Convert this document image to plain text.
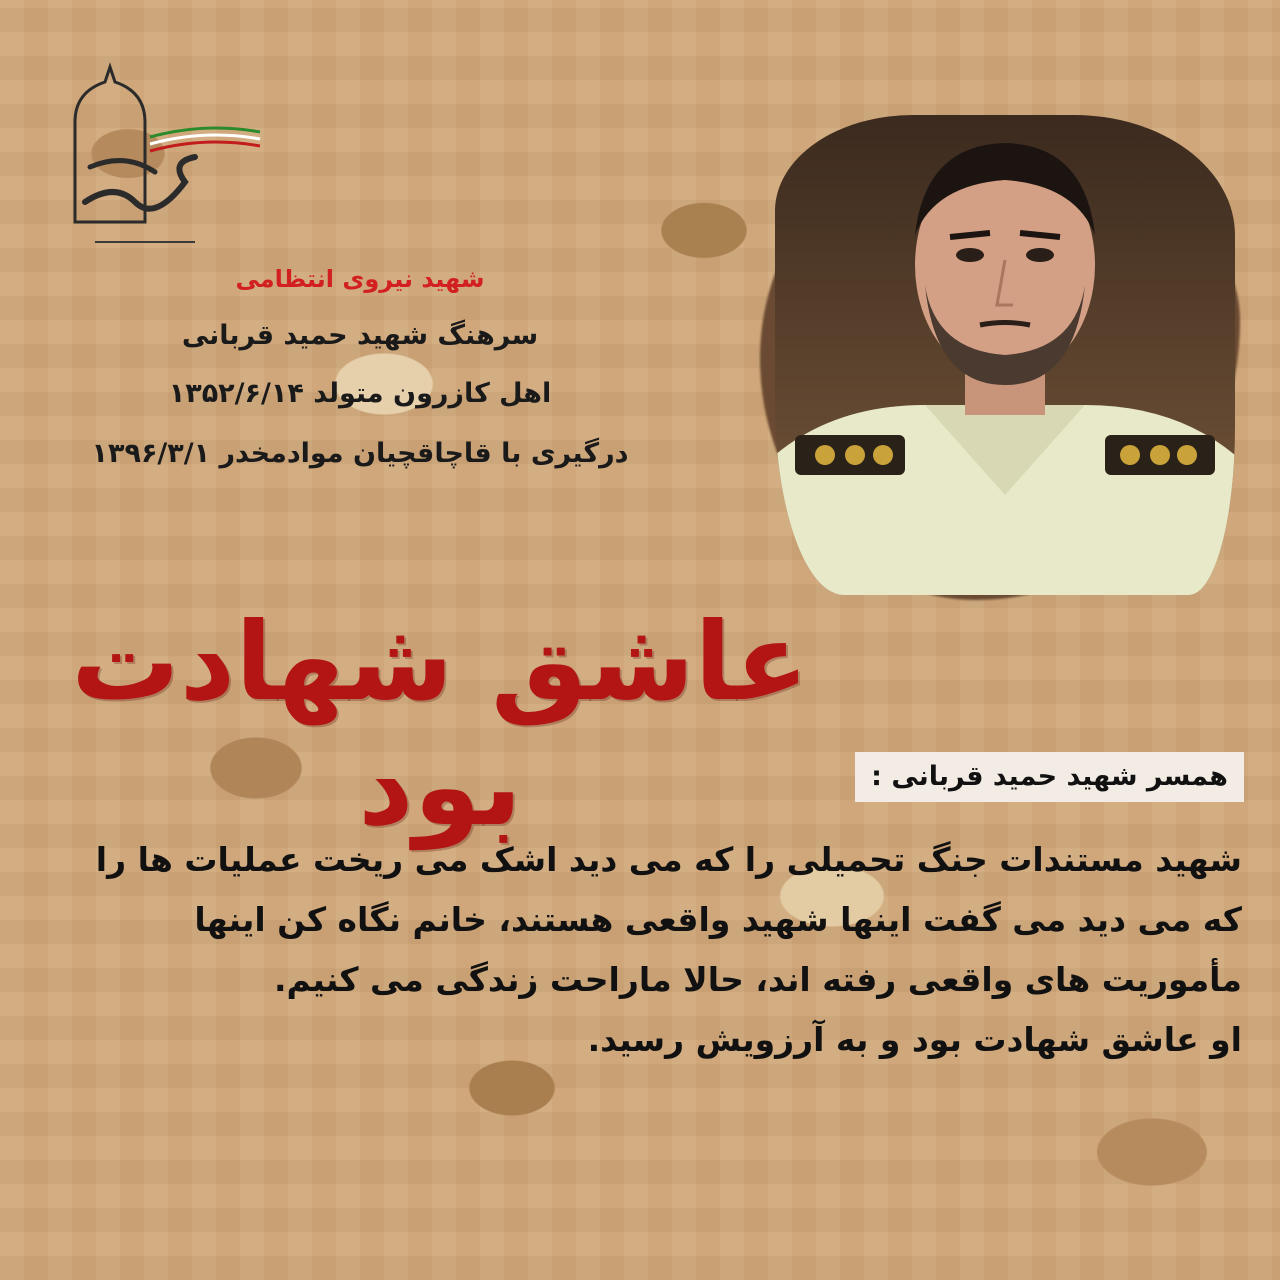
شهید نیروی انتظامی
سرهنگ شهید حمید قربانی
اهل کازرون متولد ۱۳۵۲/۶/۱۴
درگیری با قاچاقچیان موادمخدر ۱۳۹۶/۳/۱
عاشق شهادت بود	همسر شهید حمید قربانی :

شهید مستندات جنگ تحمیلی را که می دید اشک می ریخت عملیات ها را

که می دید می گفت اینها شهید واقعی هستند، خانم نگاه کن اینها

مأموریت های واقعی رفته اند، حالا ماراحت زندگی می کنیم.

او عاشق شهادت بود و به آرزویش رسید.
